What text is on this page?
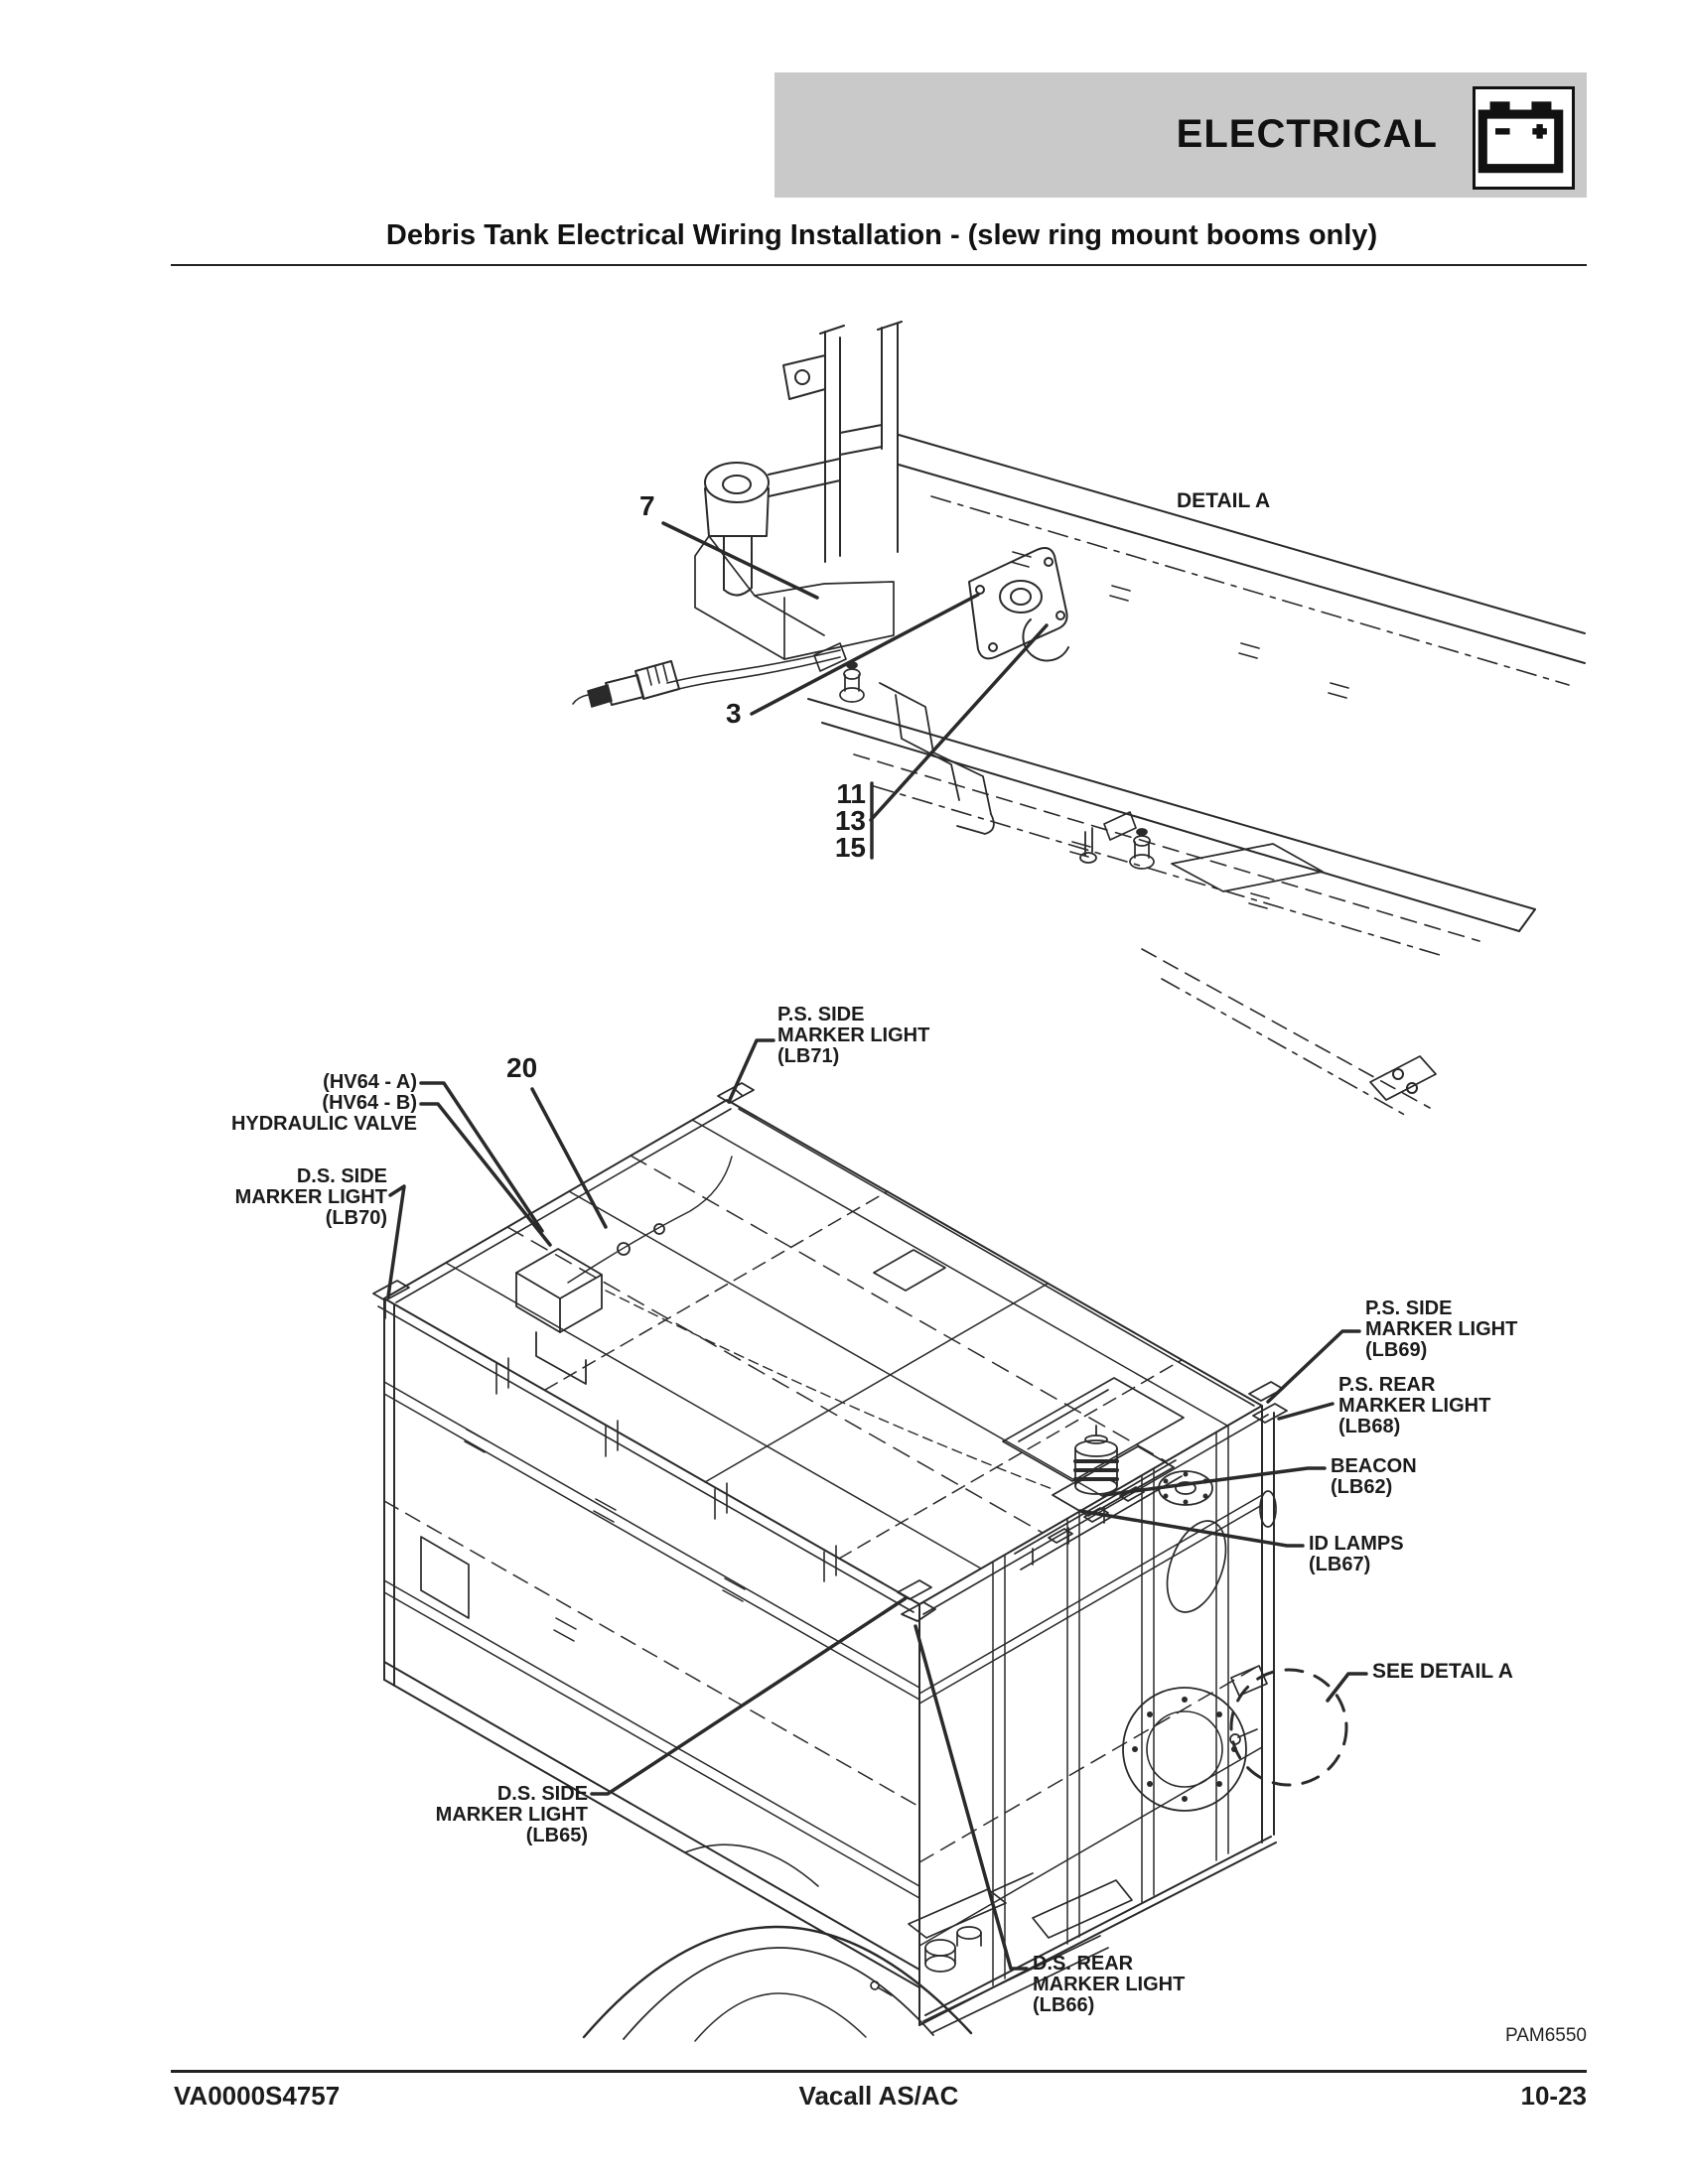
ELECTRICAL
Debris Tank Electrical Wiring Installation - (slew ring mount booms only)
7
3
11
13
15
DETAIL A
20
P.S. SIDE
MARKER LIGHT
(LB71)
(HV64 - A)
(HV64 - B)
HYDRAULIC VALVE
D.S. SIDE
MARKER LIGHT
(LB70)
P.S. SIDE
MARKER LIGHT
(LB69)
P.S. REAR
MARKER LIGHT
(LB68)
BEACON
(LB62)
ID LAMPS
(LB67)
SEE DETAIL A
D.S. SIDE
MARKER LIGHT
(LB65)
D.S. REAR
MARKER LIGHT
(LB66)
PAM6550
VA0000S4757	Vacall AS/AC	10-23
